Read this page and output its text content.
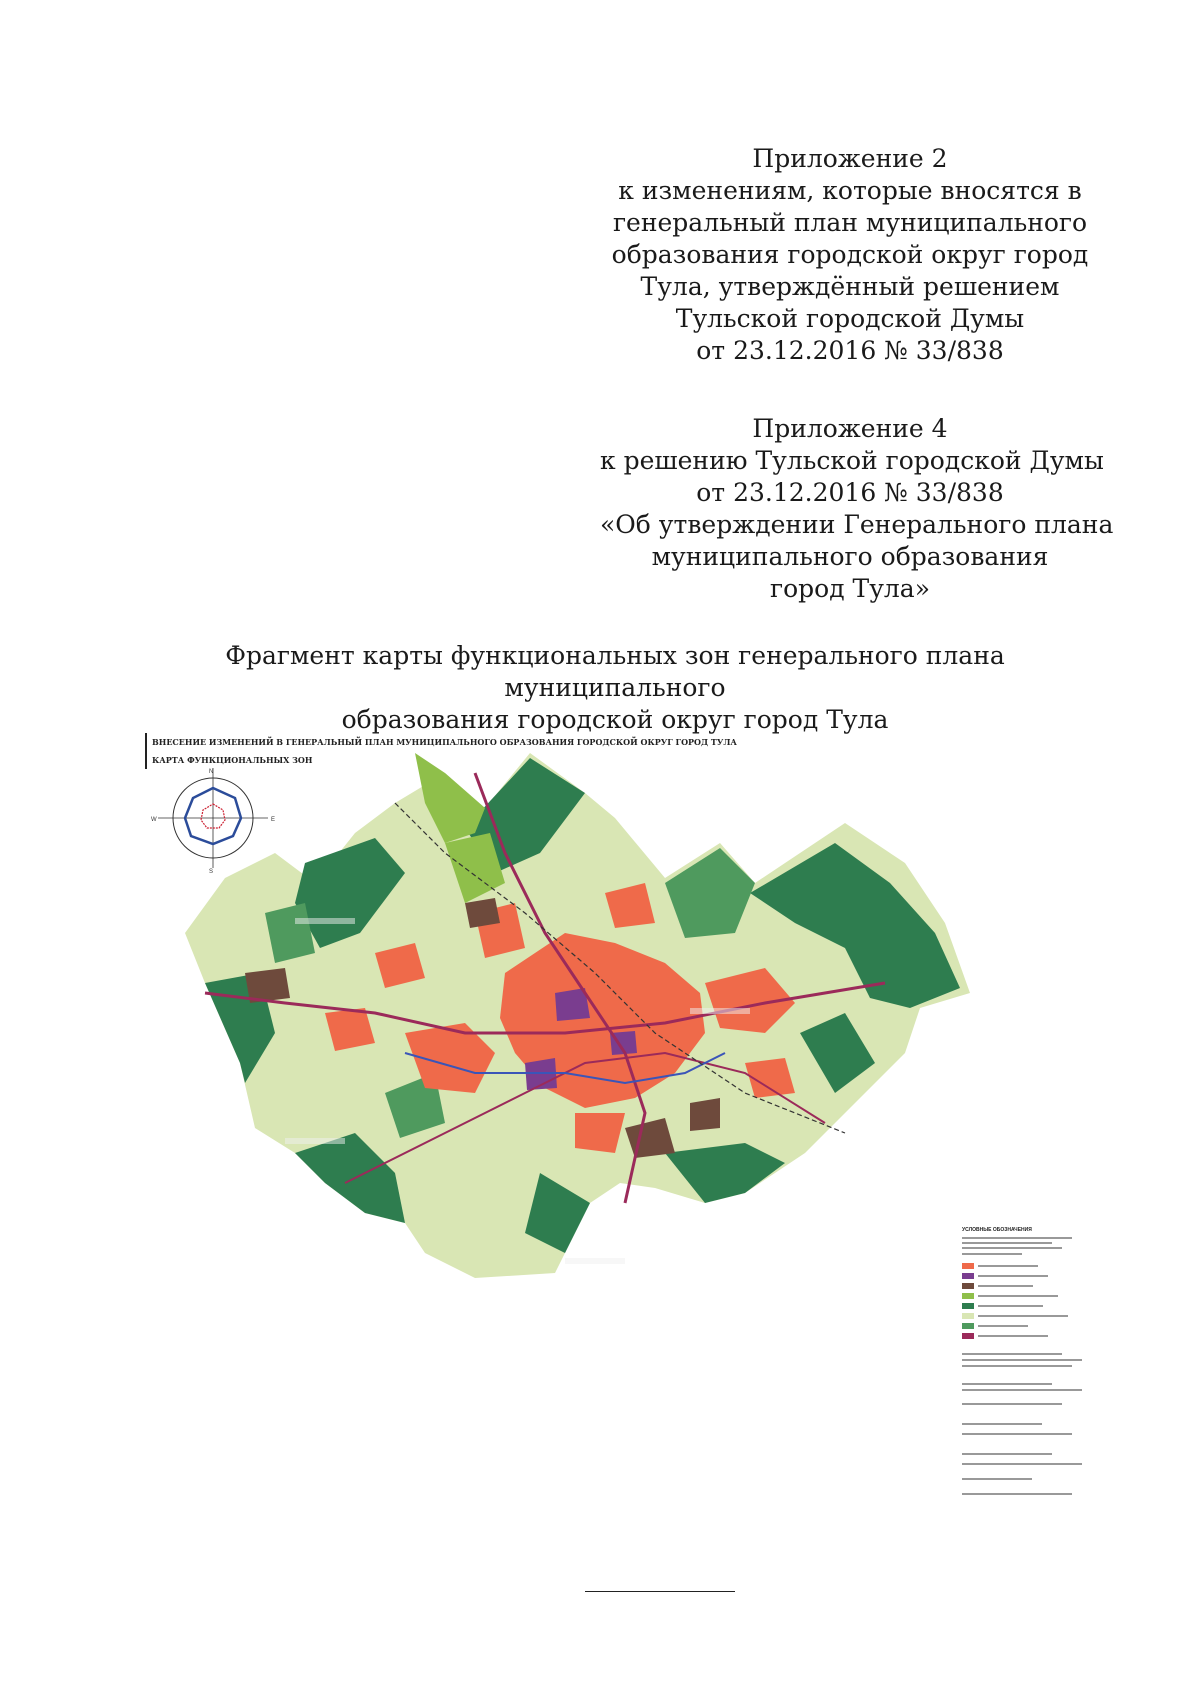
Приложение 2
к изменениям, которые вносятся в
генеральный план муниципального
образования городской округ город
Тула, утверждённый решением
Тульской городской Думы
от 23.12.2016 № 33/838
Приложение 4
к решению Тульской городской Думы
от 23.12.2016 № 33/838
«Об утверждении Генерального плана
муниципального образования
город Тула»
Фрагмент карты функциональных зон генерального плана муниципального
образования городской округ город Тула
ВНЕСЕНИЕ ИЗМЕНЕНИЙ В ГЕНЕРАЛЬНЫЙ ПЛАН МУНИЦИПАЛЬНОГО ОБРАЗОВАНИЯ ГОРОДСКОЙ ОКРУГ ГОРОД ТУЛА
КАРТА ФУНКЦИОНАЛЬНЫХ ЗОН
N
S
W	E
УСЛОВНЫЕ ОБОЗНАЧЕНИЯ
